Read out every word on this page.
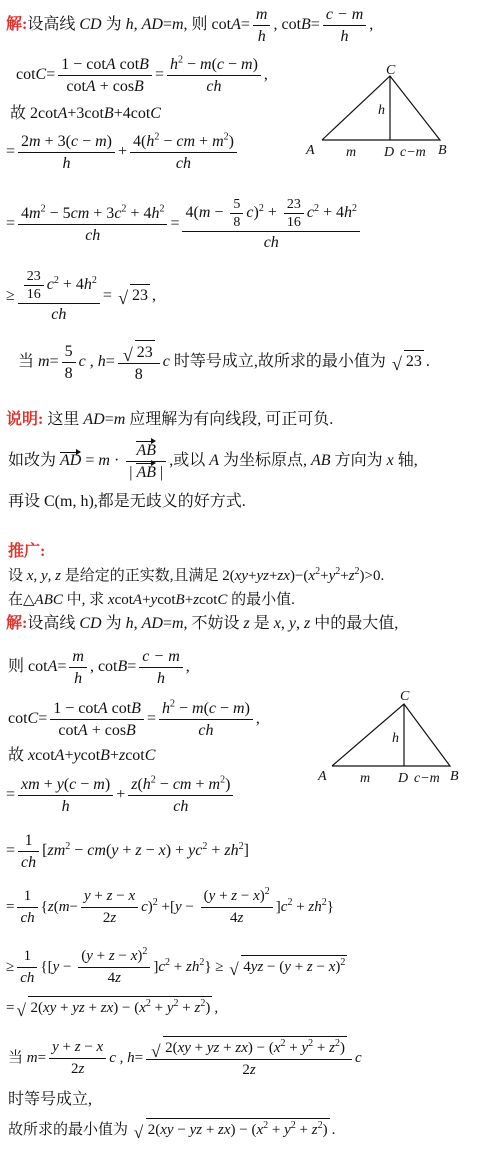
解:设高线 CD 为 h, AD=m, 则 $\cot A= \frac{m}{h}$ , $\cot B= \frac{c - m}{h}$ ,
$\cot C= \frac{\text{1 − cotA cotB}}{\cot A + \cos B} = \frac{h^2 - m(c - m)}{ch}$ ,
故 2cotA+3cotB+4cotC
= $\frac{2m + 3(c - m)}{h} + \frac{4(h^2 - cm + m^2)}{ch}$
C
A	D	B
h
m	c−m
= $\frac{4m^2 - 5cm + 3c^2 + 4h^2}{ch} = \frac{4(m - \frac{5}{8} c)^2 + \frac{23}{16} c^2 + 4h^2}{ch}$
≥ $\frac{\frac{23}{16} c^2 + 4h^2}{ch}$ = √ 23 ,
当 $m= \frac{5}{8}$ c , h= √ $\frac{23}{8}$ c 时等号成立,故所求的最小值为 √ 23 .
说明: 这里 AD=m 应理解为有向线段, 可正可负.
如改为 AD = $m \cdot \frac{AB}{| AB |}$ ,或以 A 为坐标原点, AB 方向为 x 轴,
再设 C(m, h),都是无歧义的好方式.
推广:
设 x, y, z 是给定的正实数,且满足 $2(xy+yz+zx)-(x^2+y^2+z^2)>0$.
在△ABC 中, 求 xcotA+ycotB+zcotC 的最小值.
解:设高线 CD 为 h, AD=m, 不妨设 z 是 x, y, z 中的最大值,
则 $\cot A= \frac{m}{h}$ , $\cot B= \frac{c - m}{h}$ ,
$\cot C= \frac{\text{1 − cotA cotB}}{\cot A + \cos B} = \frac{h^2 - m(c - m)}{ch}$ ,
故 xcotA+ycotB+zcotC
C
A	D	B
h
m	c−m
= $\frac{xm + y(c - m)}{h} + \frac{z(h^2 - cm + m^2)}{ch}$
= $\frac{1}{ch} [zm^2 - cm(y + z - x) + yc^2 + zh^2]$
= $\frac{1}{ch} \{z(m- \frac{y + z - x}{2z} c)^2 +[y - \frac{(y + z - x)^2}{4z} ]c^2 + zh^2\}$
≥ $\frac{1}{ch} \{[y - \frac{(y + z - x)^2}{4z} ]c^2 + zh^2\}$ ≥ √ $4yz - (y + z - x)^2$
= √ 2(xy + yz + $zx) - (x^2 + y^2 + z^2)$ ,
当 $m= \frac{y + z - x}{2z}$ c , h= √ $\frac{2(xy + yz + zx) - (x^2 + y^2 + z^2)}{2z}$ c
时等号成立,
故所求的最小值为 √ 2(xy − yz + $zx) - (x^2 + y^2 + z^2)$ .
